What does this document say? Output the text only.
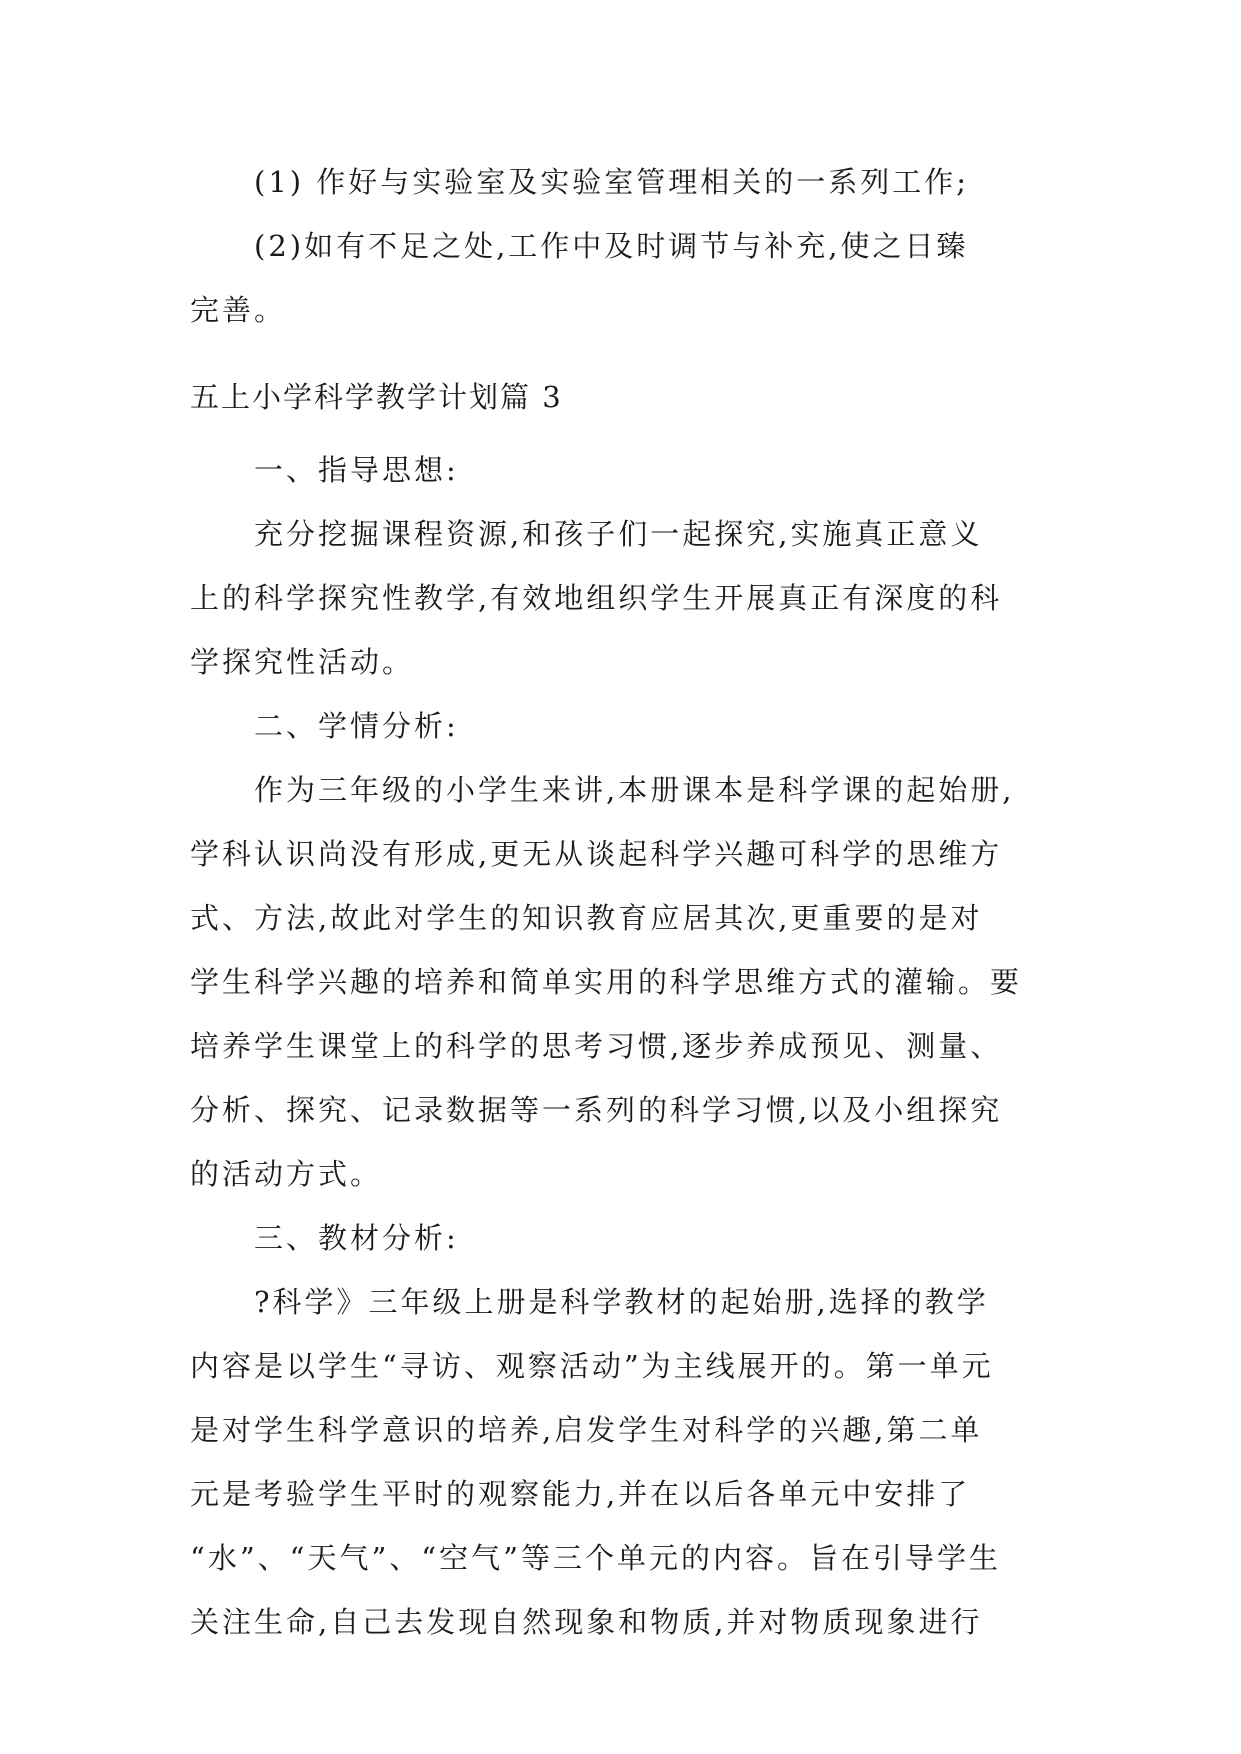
(1) 作好与实验室及实验室管理相关的一系列工作;
(2)如有不足之处,工作中及时调节与补充,使之日臻
完善。
五上小学科学教学计划篇 3
一、指导思想:
充分挖掘课程资源,和孩子们一起探究,实施真正意义
上的科学探究性教学,有效地组织学生开展真正有深度的科
学探究性活动。
二、学情分析:
作为三年级的小学生来讲,本册课本是科学课的起始册,
学科认识尚没有形成,更无从谈起科学兴趣可科学的思维方
式、方法,故此对学生的知识教育应居其次,更重要的是对
学生科学兴趣的培养和简单实用的科学思维方式的灌输。要
培养学生课堂上的科学的思考习惯,逐步养成预见、测量、
分析、探究、记录数据等一系列的科学习惯,以及小组探究
的活动方式。
三、教材分析:
?科学》三年级上册是科学教材的起始册,选择的教学
内容是以学生“寻访、观察活动”为主线展开的。第一单元
是对学生科学意识的培养,启发学生对科学的兴趣,第二单
元是考验学生平时的观察能力,并在以后各单元中安排了
“水”、“天气”、“空气”等三个单元的内容。旨在引导学生
关注生命,自己去发现自然现象和物质,并对物质现象进行
